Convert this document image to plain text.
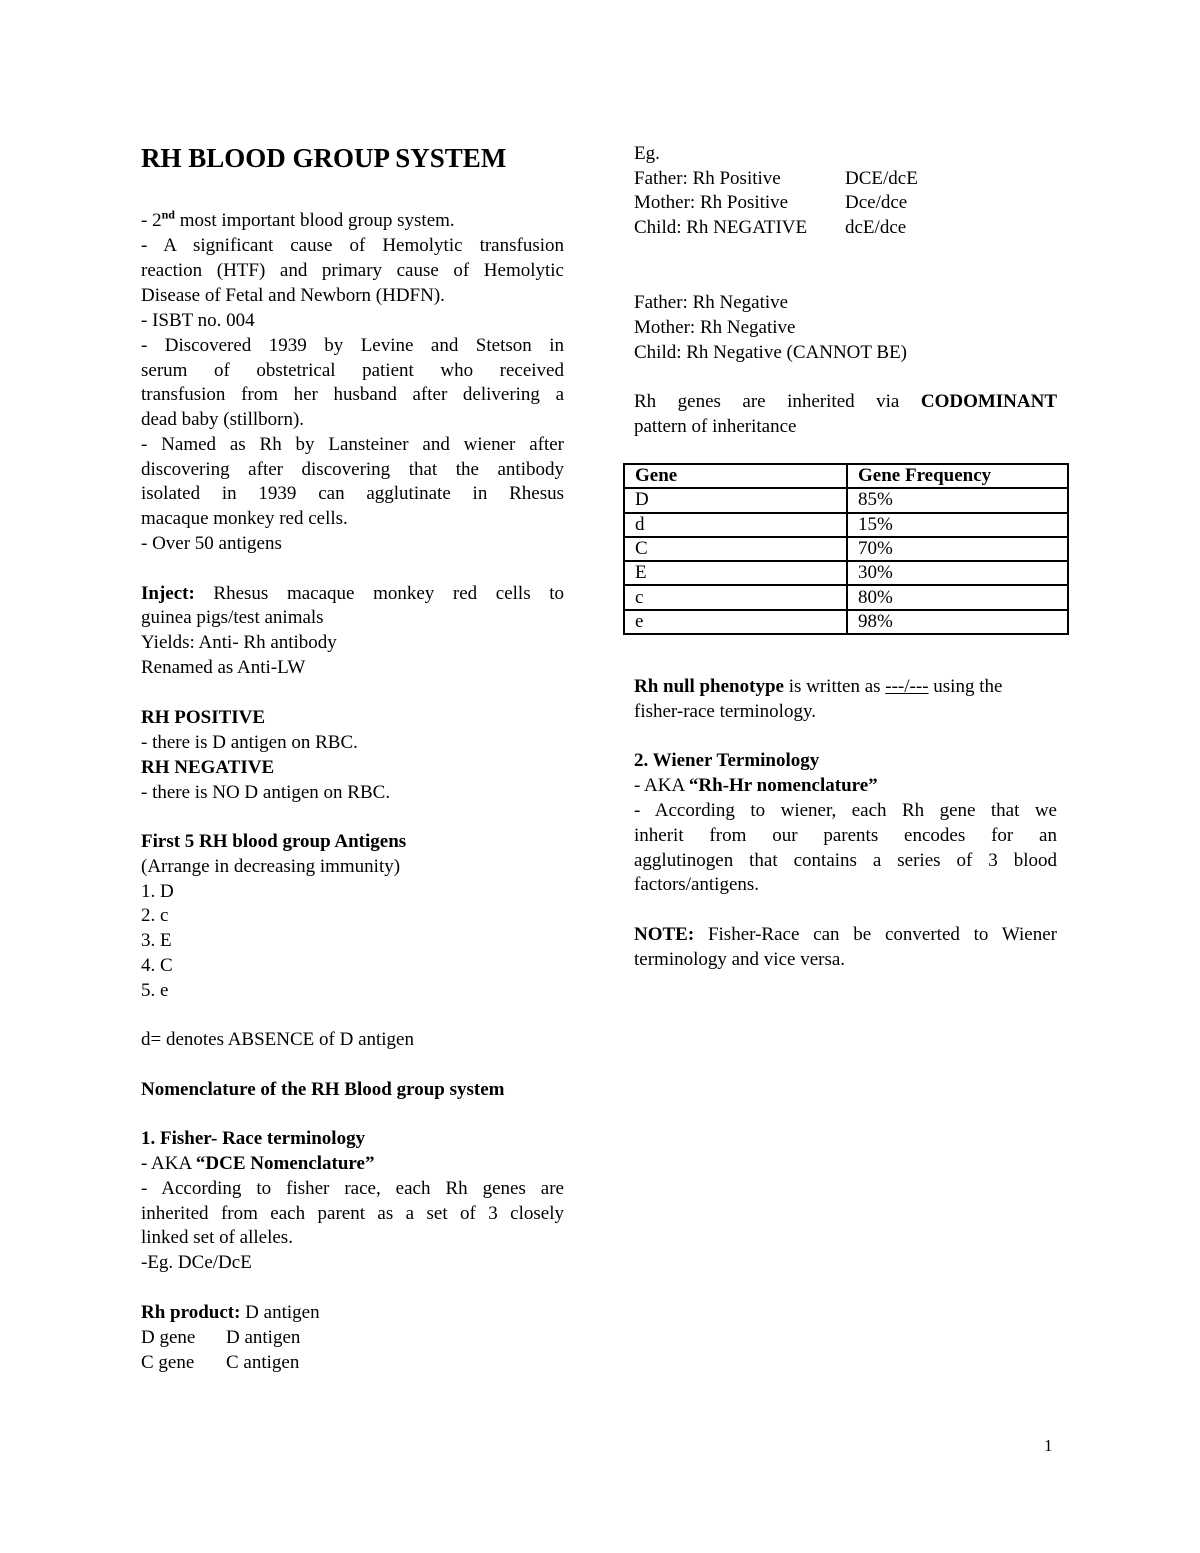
RH BLOOD GROUP SYSTEM
- 2nd most important blood group system.
- A significant cause of Hemolytic transfusion
reaction (HTF) and primary cause of Hemolytic
Disease of Fetal and Newborn (HDFN).
- ISBT no. 004
- Discovered 1939 by Levine and Stetson in
serum of obstetrical patient who received
transfusion from her husband after delivering a
dead baby (stillborn).
- Named as Rh by Lansteiner and wiener after
discovering after discovering that the antibody
isolated in 1939 can agglutinate in Rhesus
macaque monkey red cells.
- Over 50 antigens
Inject: Rhesus macaque monkey red cells to
guinea pigs/test animals
Yields: Anti- Rh antibody
Renamed as Anti-LW
RH POSITIVE
- there is D antigen on RBC.
RH NEGATIVE
- there is NO D antigen on RBC.
First 5 RH blood group Antigens
(Arrange in decreasing immunity)
1. D
2. c
3. E
4. C
5. e
d= denotes ABSENCE of D antigen
Nomenclature of the RH Blood group system
1. Fisher- Race terminology
- AKA “DCE Nomenclature”
- According to fisher race, each Rh genes are
inherited from each parent as a set of 3 closely
linked set of alleles.
-Eg. DCe/DcE
Rh product: D antigen
D gene D antigen
C gene C antigen
Eg.
Father: Rh Positive	DCE/dcE
Mother: Rh Positive	Dce/dce
Child: Rh NEGATIVE dcE/dce
Father: Rh Negative
Mother: Rh Negative
Child: Rh Negative (CANNOT BE)
Rh genes are inherited via CODOMINANT
pattern of inheritance
Rh null phenotype is written as ---/--- using the
fisher-race terminology.
2. Wiener Terminology
- AKA “Rh-Hr nomenclature”
- According to wiener, each Rh gene that we
inherit from our parents encodes for an
agglutinogen that contains a series of 3 blood
factors/antigens.
NOTE: Fisher-Race can be converted to Wiener
terminology and vice versa.
Gene	Gene Frequency
D	85%
d	15%
C	70%
E	30%
c	80%
e	98%
1
